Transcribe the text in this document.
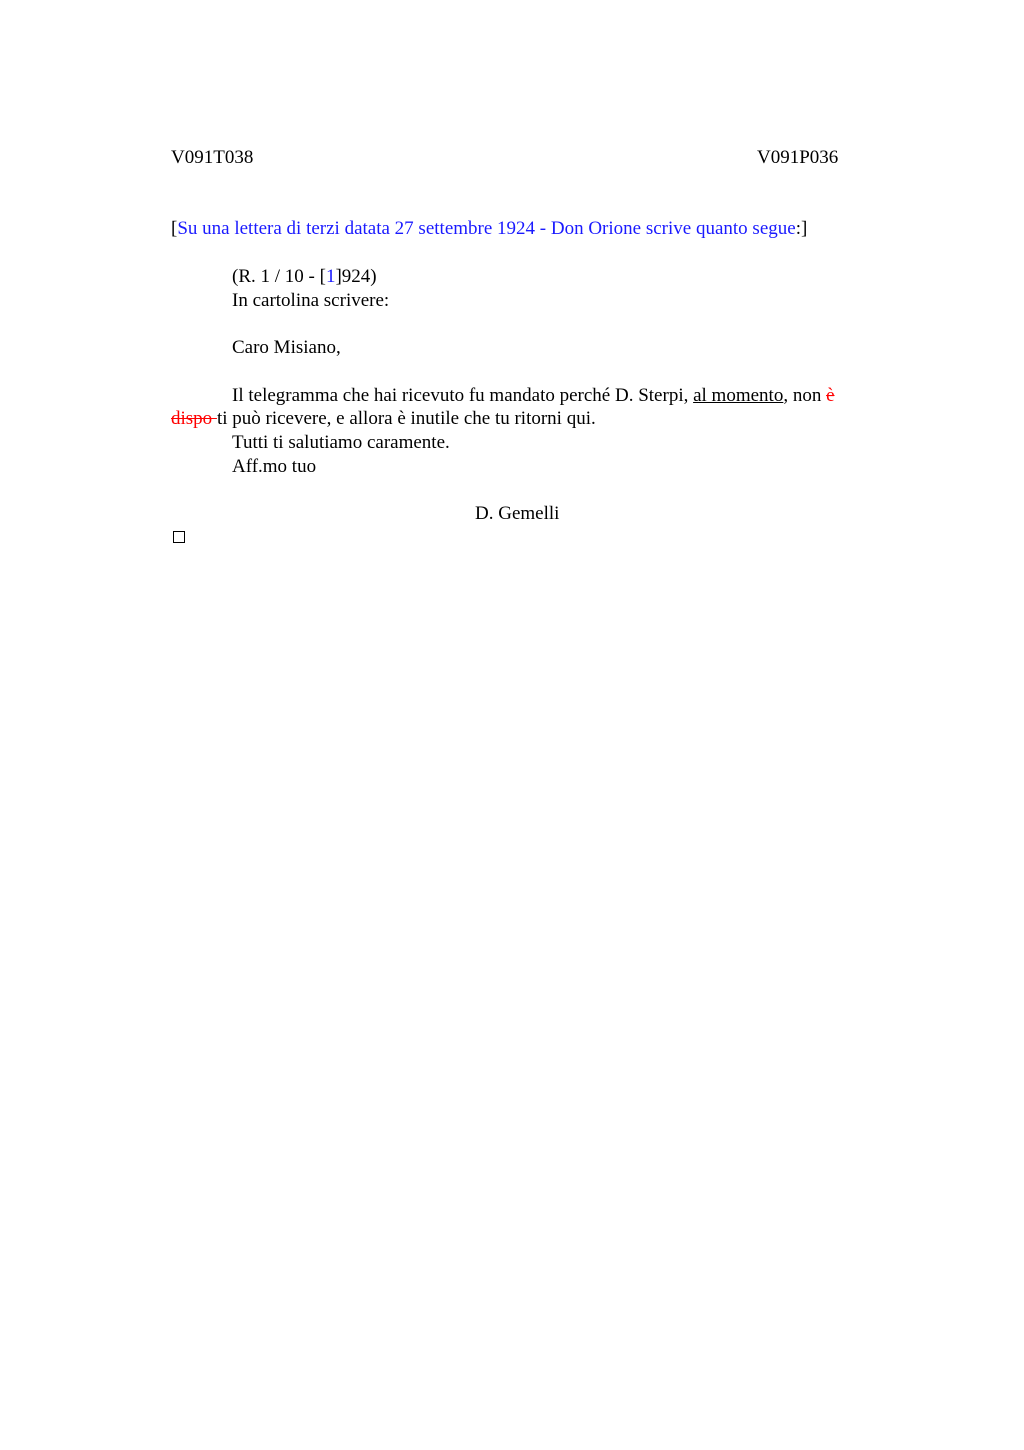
V091T038	V091P036
[Su una lettera di terzi datata 27 settembre 1924 - Don Orione scrive quanto segue:]
(R. 1 / 10 - [1]924)
In cartolina scrivere:
Caro Misiano,
Il telegramma che hai ricevuto fu mandato perché D. Sterpi, al momento, non è
dispo ti può ricevere, e allora è inutile che tu ritorni qui.
Tutti ti salutiamo caramente.
Aff.mo tuo
D. Gemelli
